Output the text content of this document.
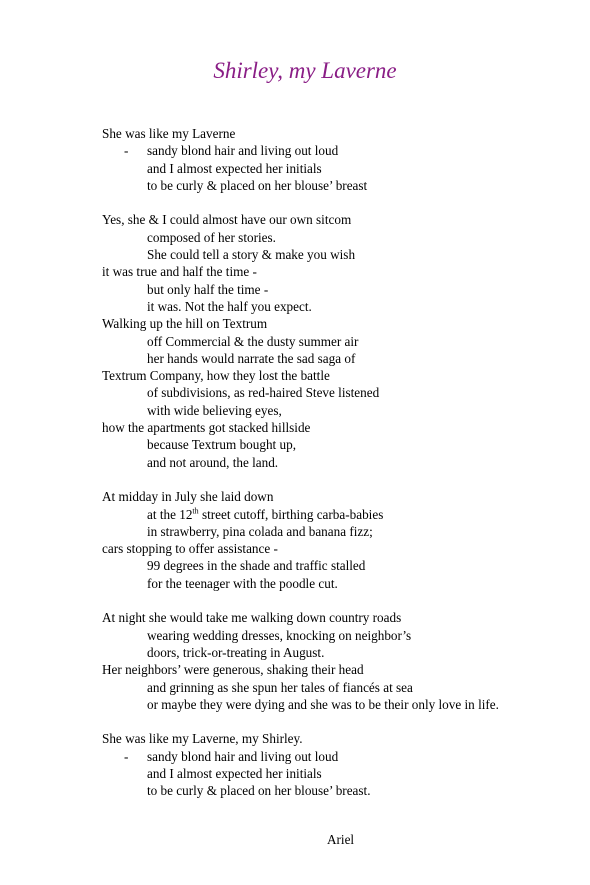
Shirley, my Laverne
She was like my Laverne
- sandy blond hair and living out loud
and I almost expected her initials
to be curly & placed on her blouse’ breast
Yes, she & I could almost have our own sitcom
composed of her stories.
She could tell a story & make you wish
it was true and half the time -
but only half the time -
it was. Not the half you expect.
Walking up the hill on Textrum
off Commercial & the dusty summer air
her hands would narrate the sad saga of
Textrum Company, how they lost the battle
of subdivisions, as red-haired Steve listened
with wide believing eyes,
how the apartments got stacked hillside
because Textrum bought up,
and not around, the land.
At midday in July she laid down
at the 12th street cutoff, birthing carba-babies
in strawberry, pina colada and banana fizz;
cars stopping to offer assistance -
99 degrees in the shade and traffic stalled
for the teenager with the poodle cut.
At night she would take me walking down country roads
wearing wedding dresses, knocking on neighbor’s
doors, trick-or-treating in August.
Her neighbors’ were generous, shaking their head
and grinning as she spun her tales of fiancés at sea
or maybe they were dying and she was to be their only love in life.
She was like my Laverne, my Shirley.
- sandy blond hair and living out loud
and I almost expected her initials
to be curly & placed on her blouse’ breast.
Ariel
